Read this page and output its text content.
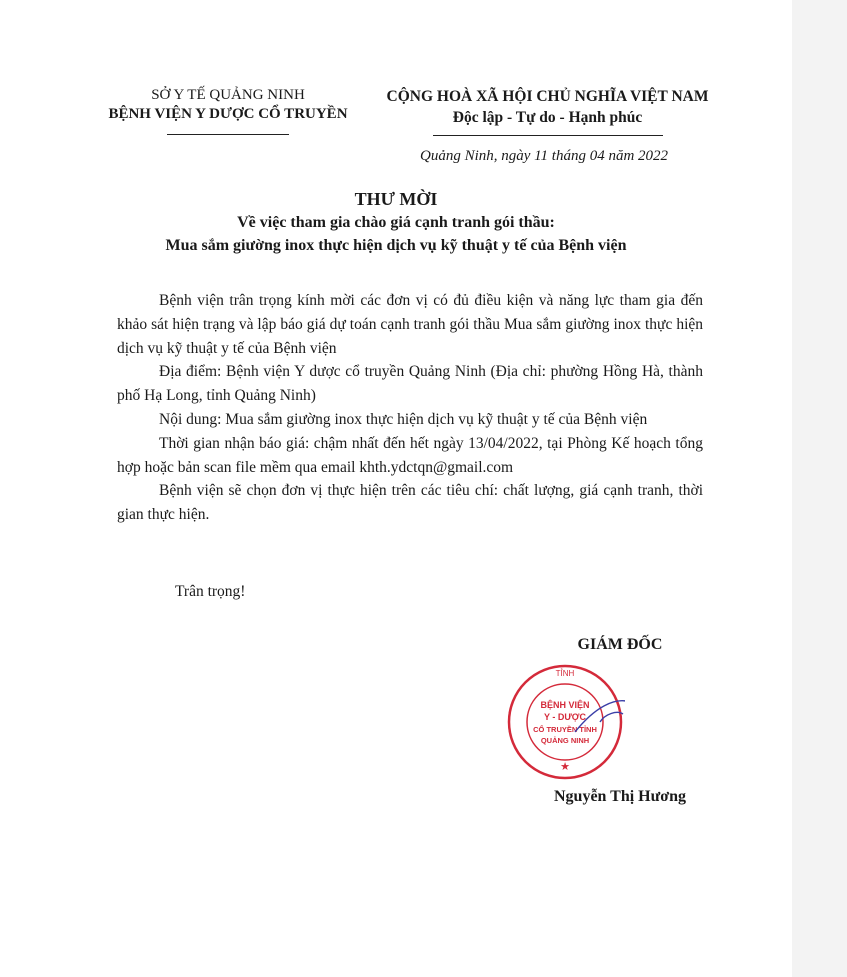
SỞ Y TẾ QUẢNG NINH
BỆNH VIỆN Y DƯỢC CỔ TRUYỀN
CỘNG HOÀ XÃ HỘI CHỦ NGHĨA VIỆT NAM
Độc lập - Tự do - Hạnh phúc
Quảng Ninh, ngày 11 tháng 04 năm 2022
THƯ MỜI
Về việc tham gia chào giá cạnh tranh gói thầu:
Mua sắm giường inox thực hiện dịch vụ kỹ thuật y tế của Bệnh viện

Bệnh viện trân trọng kính mời các đơn vị có đủ điều kiện và năng lực tham gia đến khảo sát hiện trạng và lập báo giá dự toán cạnh tranh gói thầu Mua sắm giường inox thực hiện dịch vụ kỹ thuật y tế của Bệnh viện

Địa điểm: Bệnh viện Y dược cổ truyền Quảng Ninh (Địa chỉ: phường Hồng Hà, thành phố Hạ Long, tỉnh Quảng Ninh)

Nội dung: Mua sắm giường inox thực hiện dịch vụ kỹ thuật y tế của Bệnh viện

Thời gian nhận báo giá: chậm nhất đến hết ngày 13/04/2022, tại Phòng Kế hoạch tổng hợp hoặc bản scan file mềm qua email khth.ydctqn@gmail.com

Bệnh viện sẽ chọn đơn vị thực hiện trên các tiêu chí: chất lượng, giá cạnh tranh, thời gian thực hiện.

Trân trọng!
GIÁM ĐỐC
TỈNH
BỆNH VIỆN
Y - DƯỢC
CỔ TRUYỀN TỈNH
QUẢNG NINH
★
Nguyễn Thị Hương
